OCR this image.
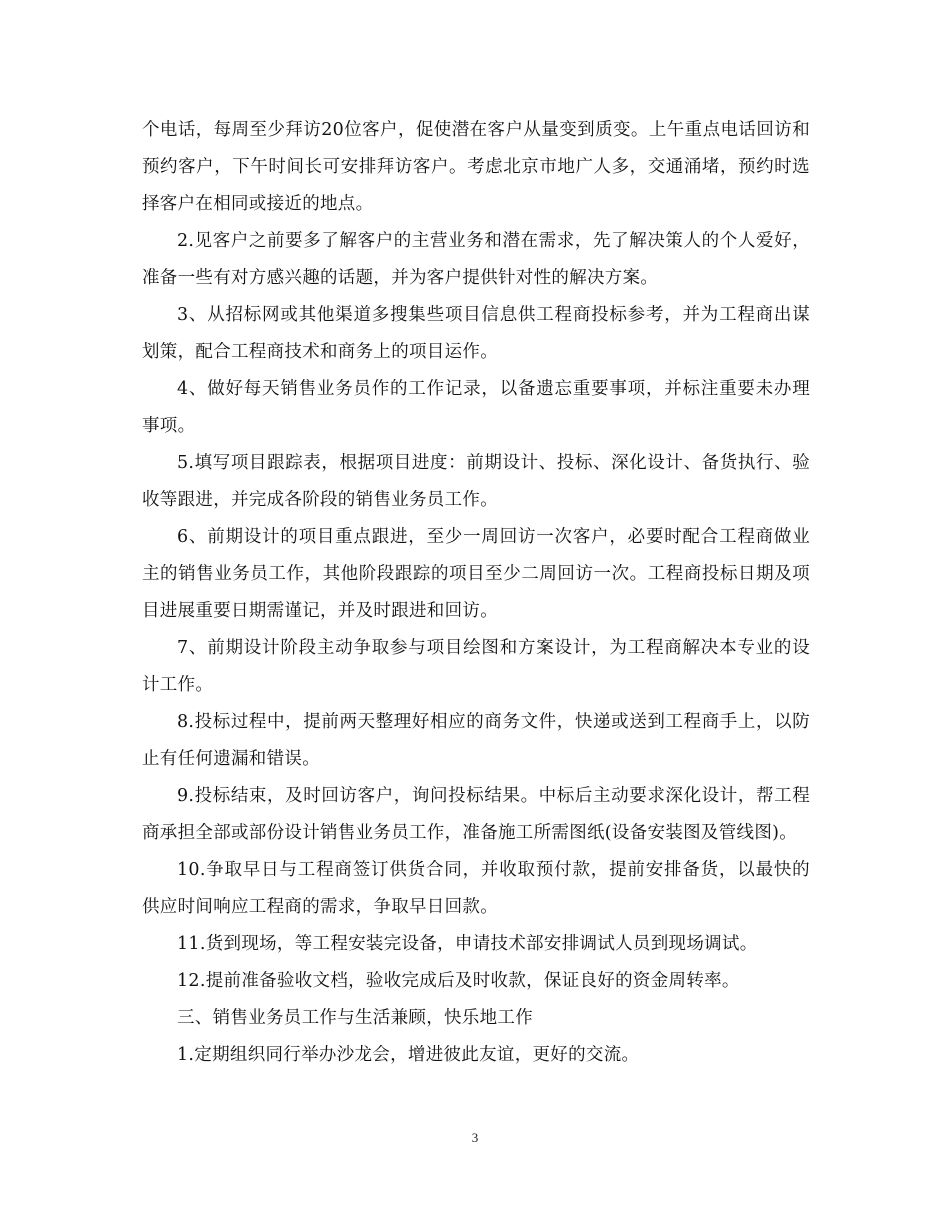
个电话，每周至少拜访20位客户，促使潜在客户从量变到质变。上午重点电话回访和预约客户，下午时间长可安排拜访客户。考虑北京市地广人多，交通涌堵，预约时选择客户在相同或接近的地点。

2.见客户之前要多了解客户的主营业务和潜在需求，先了解决策人的个人爱好，准备一些有对方感兴趣的话题，并为客户提供针对性的解决方案。

3、从招标网或其他渠道多搜集些项目信息供工程商投标参考，并为工程商出谋划策，配合工程商技术和商务上的项目运作。

4、做好每天销售业务员作的工作记录，以备遗忘重要事项，并标注重要未办理事项。

5.填写项目跟踪表，根据项目进度：前期设计、投标、深化设计、备货执行、验收等跟进，并完成各阶段的销售业务员工作。

6、前期设计的项目重点跟进，至少一周回访一次客户，必要时配合工程商做业主的销售业务员工作，其他阶段跟踪的项目至少二周回访一次。工程商投标日期及项目进展重要日期需谨记，并及时跟进和回访。

7、前期设计阶段主动争取参与项目绘图和方案设计，为工程商解决本专业的设计工作。

8.投标过程中，提前两天整理好相应的商务文件，快递或送到工程商手上，以防止有任何遗漏和错误。

9.投标结束，及时回访客户，询问投标结果。中标后主动要求深化设计，帮工程商承担全部或部份设计销售业务员工作，准备施工所需图纸(设备安装图及管线图)。

10.争取早日与工程商签订供货合同，并收取预付款，提前安排备货，以最快的供应时间响应工程商的需求，争取早日回款。

11.货到现场，等工程安装完设备，申请技术部安排调试人员到现场调试。

12.提前准备验收文档，验收完成后及时收款，保证良好的资金周转率。

三、销售业务员工作与生活兼顾，快乐地工作

1.定期组织同行举办沙龙会，增进彼此友谊，更好的交流。

3
